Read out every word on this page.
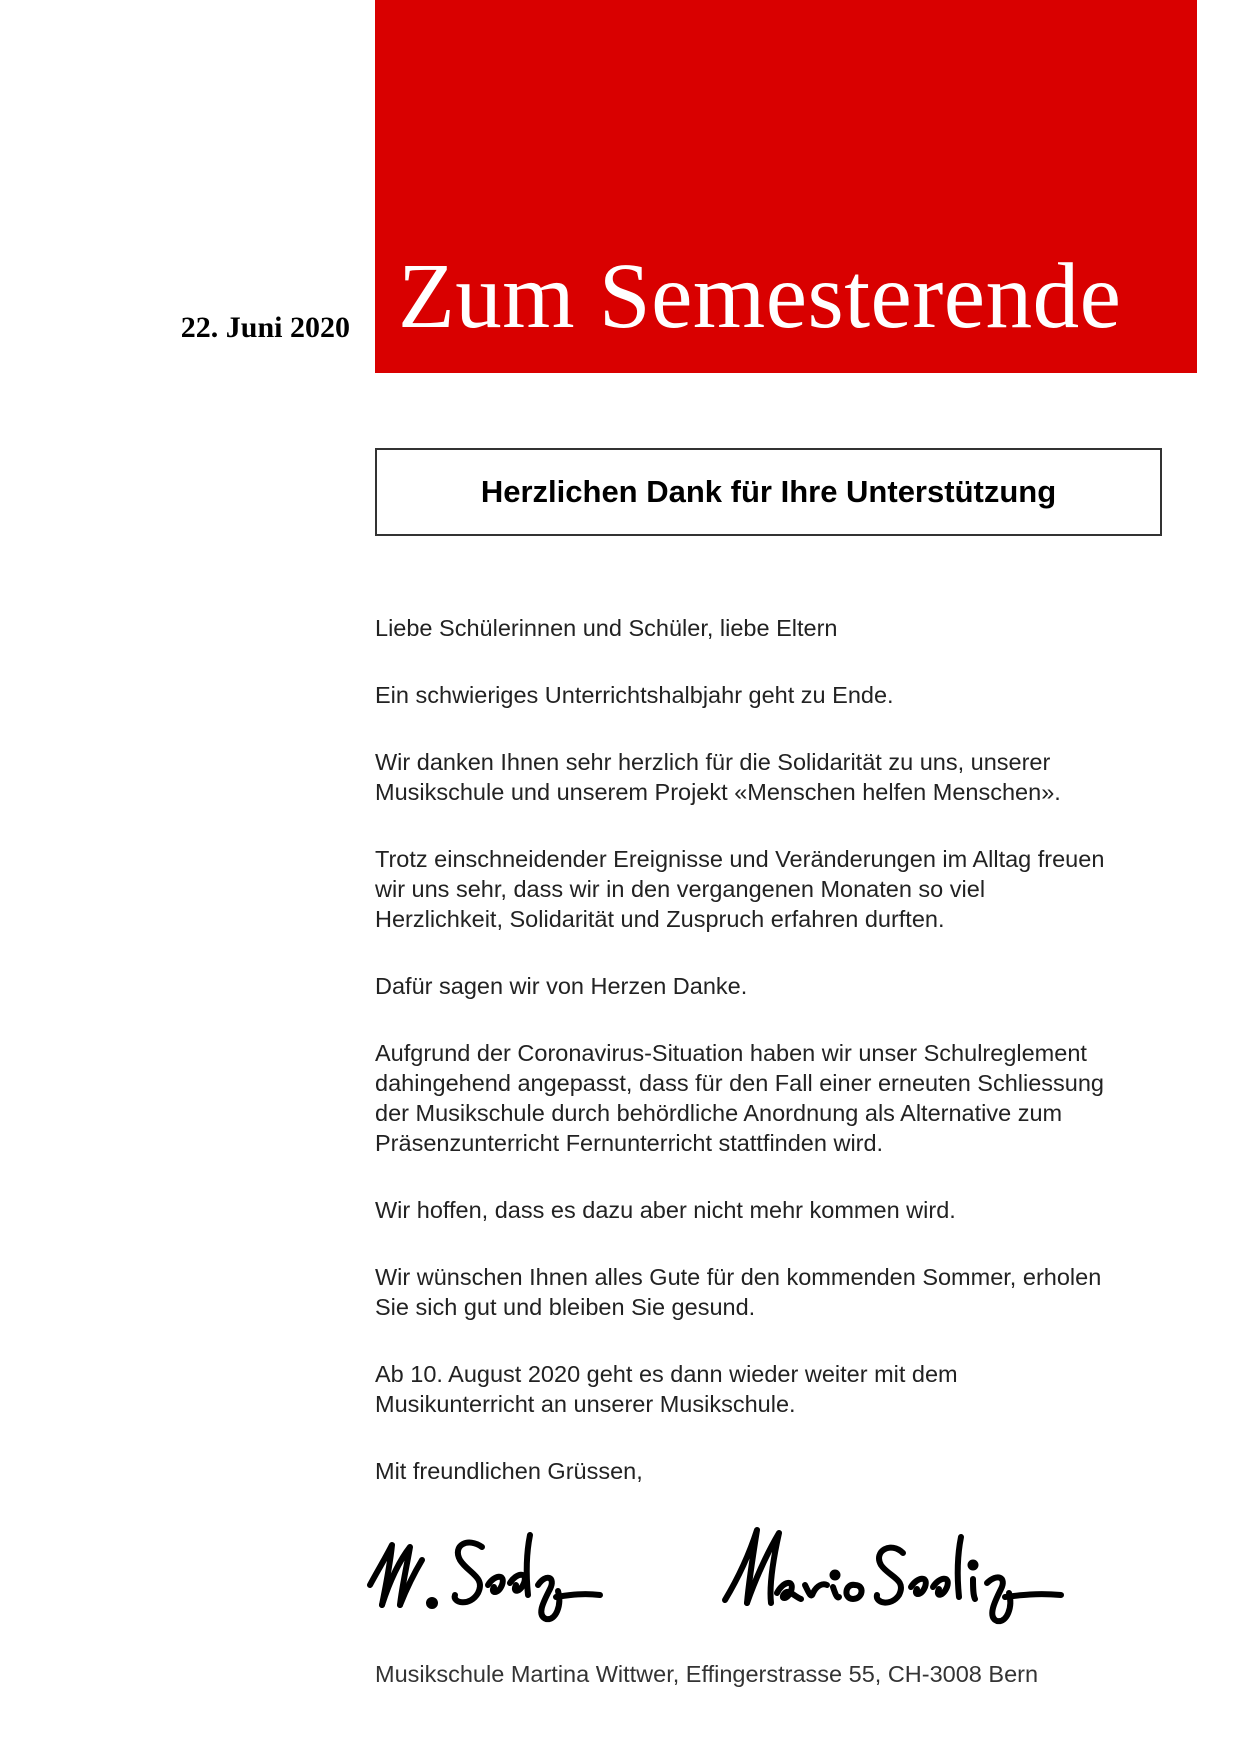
Zum Semesterende
22. Juni 2020
Herzlichen Dank für Ihre Unterstützung

Liebe Schülerinnen und Schüler, liebe Eltern

Ein schwieriges Unterrichtshalbjahr geht zu Ende.

Wir danken Ihnen sehr herzlich für die Solidarität zu uns, unserer
Musikschule und unserem Projekt «Menschen helfen Menschen».

Trotz einschneidender Ereignisse und Veränderungen im Alltag freuen
wir uns sehr, dass wir in den vergangenen Monaten so viel
Herzlichkeit, Solidarität und Zuspruch erfahren durften.

Dafür sagen wir von Herzen Danke.

Aufgrund der Coronavirus-Situation haben wir unser Schulreglement
dahingehend angepasst, dass für den Fall einer erneuten Schliessung
der Musikschule durch behördliche Anordnung als Alternative zum
Präsenzunterricht Fernunterricht stattfinden wird.

Wir hoffen, dass es dazu aber nicht mehr kommen wird.

Wir wünschen Ihnen alles Gute für den kommenden Sommer, erholen
Sie sich gut und bleiben Sie gesund.

Ab 10. August 2020 geht es dann wieder weiter mit dem
Musikunterricht an unserer Musikschule.

Mit freundlichen Grüssen,

Musikschule Martina Wittwer, Effingerstrasse 55, CH-3008 Bern
